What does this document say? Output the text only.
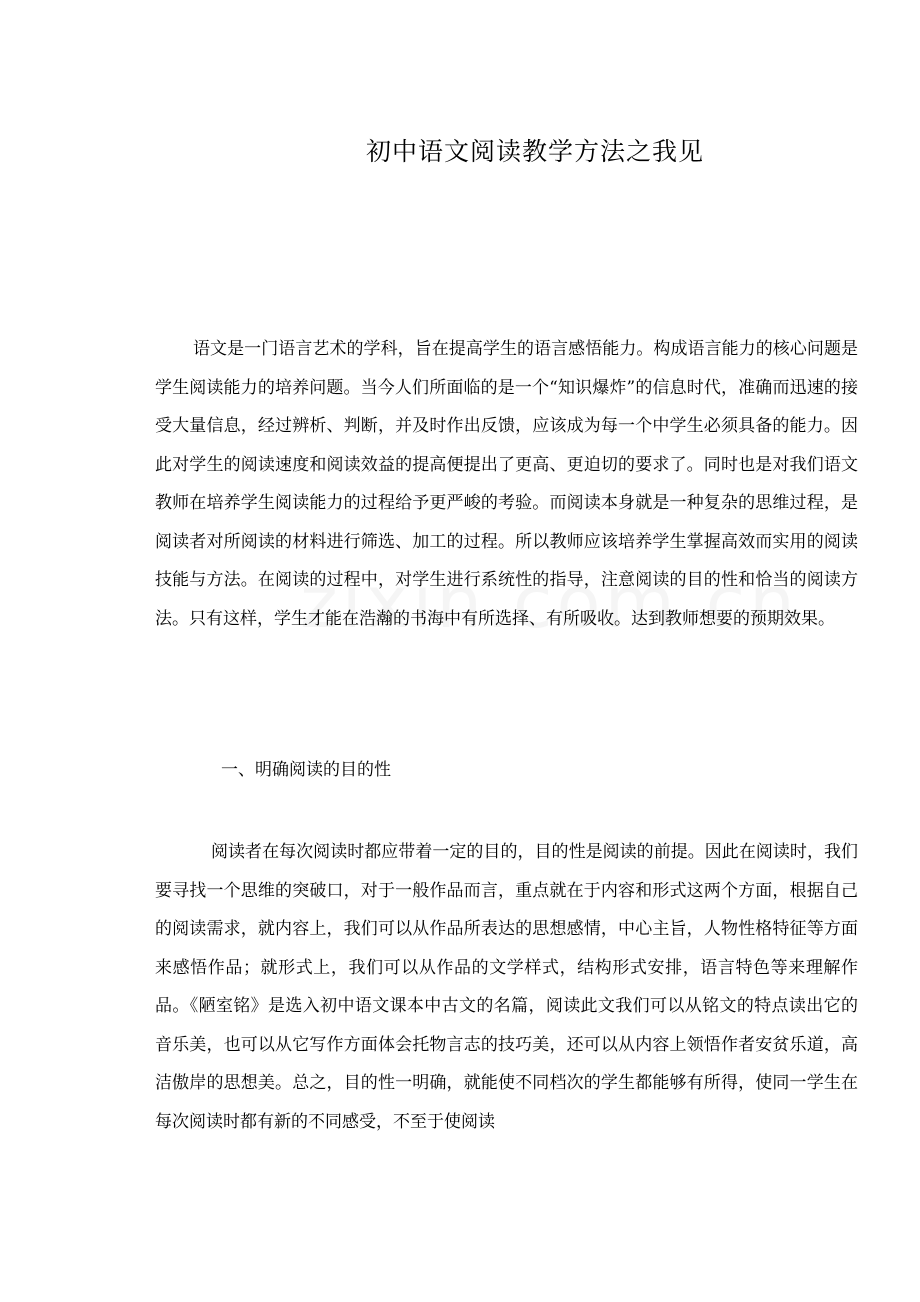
初中语文阅读教学方法之我见

语文是一门语言艺术的学科，旨在提高学生的语言感悟能力。构成语言能力的核心问题是学生阅读能力的培养问题。当今人们所面临的是一个“知识爆炸”的信息时代，准确而迅速的接受大量信息，经过辨析、判断，并及时作出反馈，应该成为每一个中学生必须具备的能力。因此对学生的阅读速度和阅读效益的提高便提出了更高、更迫切的要求了。同时也是对我们语文教师在培养学生阅读能力的过程给予更严峻的考验。而阅读本身就是一种复杂的思维过程，是阅读者对所阅读的材料进行筛选、加工的过程。所以教师应该培养学生掌握高效而实用的阅读技能与方法。在阅读的过程中，对学生进行系统性的指导，注意阅读的目的性和恰当的阅读方法。只有这样，学生才能在浩瀚的书海中有所选择、有所吸收。达到教师想要的预期效果。

一、明确阅读的目的性

阅读者在每次阅读时都应带着一定的目的，目的性是阅读的前提。因此在阅读时，我们要寻找一个思维的突破口，对于一般作品而言，重点就在于内容和形式这两个方面，根据自己的阅读需求，就内容上，我们可以从作品所表达的思想感情，中心主旨，人物性格特征等方面来感悟作品；就形式上，我们可以从作品的文学样式，结构形式安排，语言特色等来理解作品。《陋室铭》是选入初中语文课本中古文的名篇，阅读此文我们可以从铭文的特点读出它的音乐美，也可以从它写作方面体会托物言志的技巧美，还可以从内容上领悟作者安贫乐道，高洁傲岸的思想美。总之，目的性一明确，就能使不同档次的学生都能够有所得，使同一学生在每次阅读时都有新的不同感受，不至于使阅读
